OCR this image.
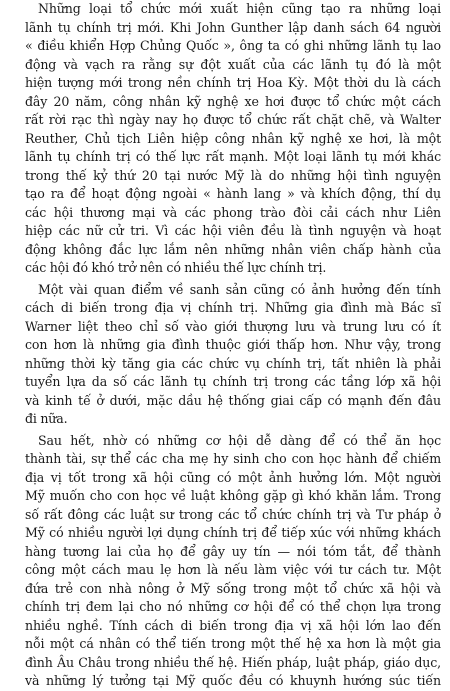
Những loại tổ chức mới xuất hiện cũng tạo ra những loại
lãnh tụ chính trị mới. Khi John Gunther lập danh sách 64 người
« điều khiển Hợp Chủng Quốc », ông ta có ghi những lãnh tụ lao
động và vạch ra rằng sự đột xuất của các lãnh tụ đó là một
hiện tượng mới trong nền chính trị Hoa Kỳ. Một thời du là cách
đây 20 năm, công nhân kỹ nghệ xe hơi được tổ chức một cách
rất rời rạc thì ngày nay họ được tổ chức rất chặt chẽ, và Walter
Reuther, Chủ tịch Liên hiệp công nhân kỹ nghệ xe hơi, là một
lãnh tụ chính trị có thế lực rất mạnh. Một loại lãnh tụ mới khác
trong thế kỷ thứ 20 tại nước Mỹ là do những hội tình nguyện
tạo ra để hoạt động ngoài « hành lang » và khích động, thí dụ
các hội thương mại và các phong trào đòi cải cách như Liên
hiệp các nữ cử tri. Vì các hội viên đều là tình nguyện và hoạt
động không đắc lực lắm nên những nhân viên chấp hành của
các hội đó khó trở nên có nhiều thế lực chính trị.

Một vài quan điểm về sanh sản cũng có ảnh hưởng đến tính
cách di biến trong địa vị chính trị. Những gia đình mà Bác sĩ
Warner liệt theo chỉ số vào giới thượng lưu và trung lưu có ít
con hơn là những gia đình thuộc giới thấp hơn. Như vậy, trong
những thời kỳ tăng gia các chức vụ chính trị, tất nhiên là phải
tuyển lựa da số các lãnh tụ chính trị trong các tầng lớp xã hội
và kinh tế ở dưới, mặc dầu hệ thống giai cấp có mạnh đến đâu
đi nữa.

Sau hết, nhờ có những cơ hội dễ dàng để có thể ăn học
thành tài, sự thể các cha mẹ hy sinh cho con học hành để chiếm
địa vị tốt trong xã hội cũng có một ảnh hưởng lớn. Một người
Mỹ muốn cho con học về luật không gặp gì khó khăn lắm. Trong
số rất đông các luật sư trong các tổ chức chính trị và Tư pháp ở
Mỹ có nhiều người lợi dụng chính trị để tiếp xúc với những khách
hàng tương lai của họ để gây uy tín — nói tóm tắt, để thành
công một cách mau lẹ hơn là nếu làm việc với tư cách tư. Một
đứa trẻ con nhà nông ở Mỹ sống trong một tổ chức xã hội và
chính trị đem lại cho nó những cơ hội để có thể chọn lựa trong
nhiều nghề. Tính cách di biến trong địa vị xã hội lớn lao đến
nỗi một cá nhân có thể tiến trong một thế hệ xa hơn là một gia
đình Âu Châu trong nhiều thế hệ. Hiến pháp, luật pháp, giáo dục,
và những lý tưởng tại Mỹ quốc đều có khuynh hướng súc tiến
